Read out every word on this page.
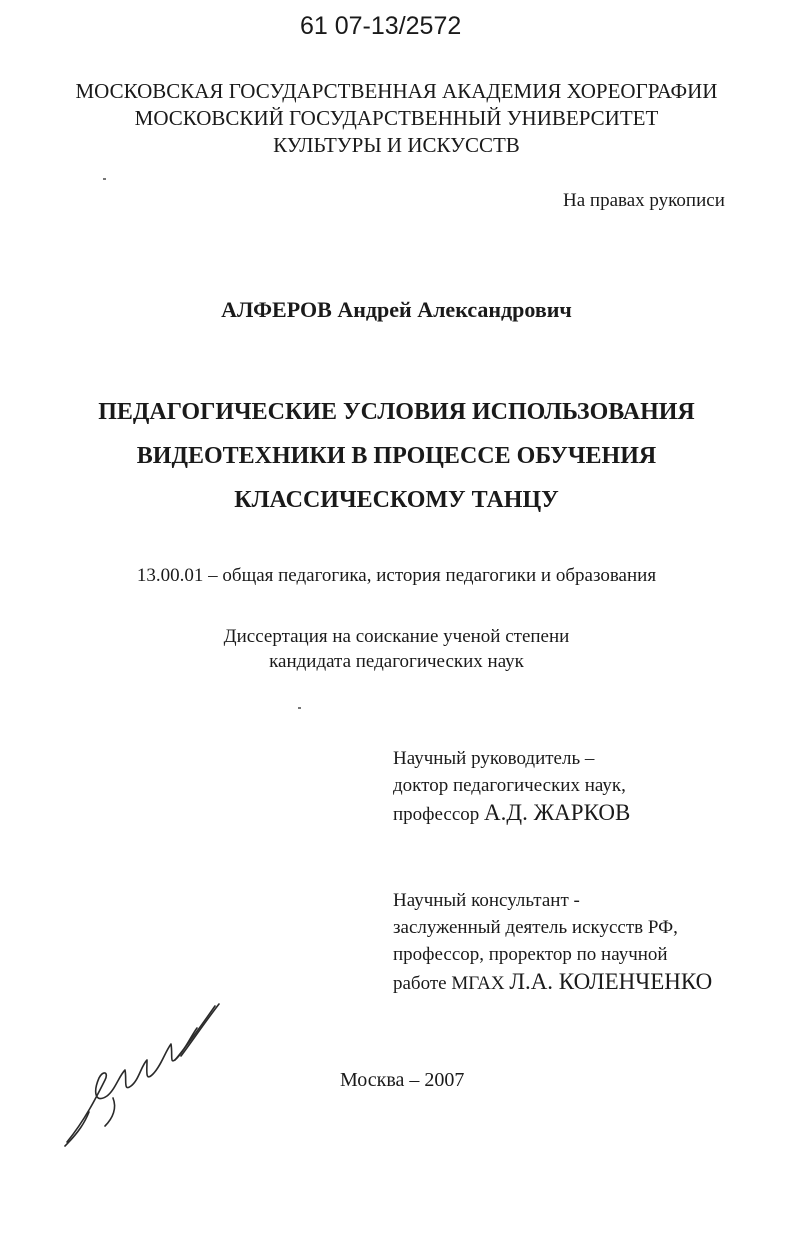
61 07-13/2572
МОСКОВСКАЯ ГОСУДАРСТВЕННАЯ АКАДЕМИЯ ХОРЕОГРАФИИ
МОСКОВСКИЙ ГОСУДАРСТВЕННЫЙ УНИВЕРСИТЕТ
КУЛЬТУРЫ И ИСКУССТВ
На правах рукописи
АЛФЕРОВ Андрей Александрович
ПЕДАГОГИЧЕСКИЕ УСЛОВИЯ ИСПОЛЬЗОВАНИЯ
ВИДЕОТЕХНИКИ В ПРОЦЕССЕ ОБУЧЕНИЯ
КЛАССИЧЕСКОМУ ТАНЦУ
13.00.01 – общая педагогика, история педагогики и образования
Диссертация на соискание ученой степени
кандидата педагогических наук
Научный руководитель –
доктор педагогических наук,
профессор А.Д. ЖАРКОВ
Научный консультант -
заслуженный деятель искусств РФ,
профессор, проректор по научной
работе МГАХ Л.А. КОЛЕНЧЕНКО
Москва – 2007
